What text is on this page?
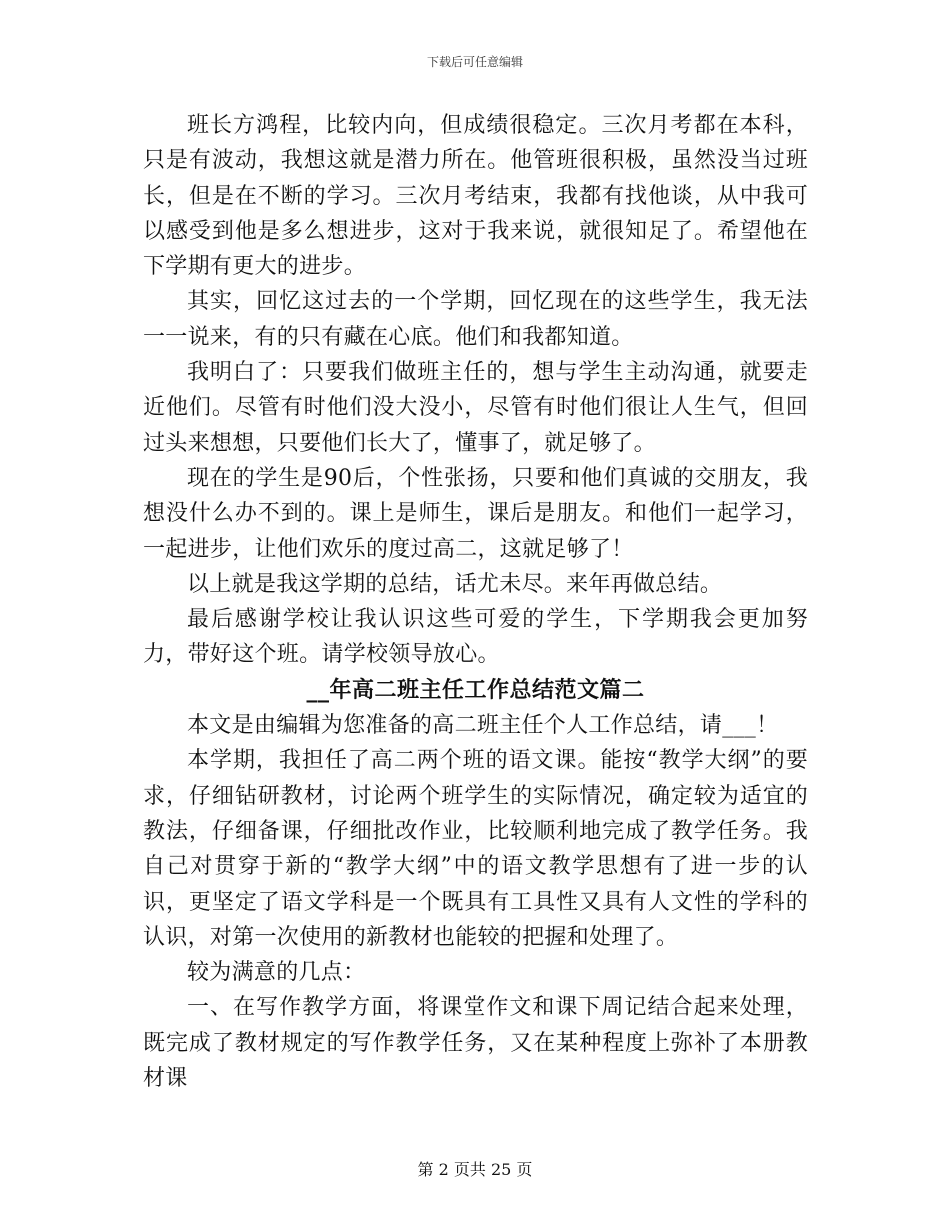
下载后可任意编辑

班长方鸿程，比较内向，但成绩很稳定。三次月考都在本科，只是有波动，我想这就是潜力所在。他管班很积极，虽然没当过班长，但是在不断的学习。三次月考结束，我都有找他谈，从中我可以感受到他是多么想进步，这对于我来说，就很知足了。希望他在下学期有更大的进步。

其实，回忆这过去的一个学期，回忆现在的这些学生，我无法一一说来，有的只有藏在心底。他们和我都知道。

我明白了：只要我们做班主任的，想与学生主动沟通，就要走近他们。尽管有时他们没大没小，尽管有时他们很让人生气，但回过头来想想，只要他们长大了，懂事了，就足够了。

现在的学生是90后，个性张扬，只要和他们真诚的交朋友，我想没什么办不到的。课上是师生，课后是朋友。和他们一起学习，一起进步，让他们欢乐的度过高二，这就足够了！

以上就是我这学期的总结，话尤未尽。来年再做总结。

最后感谢学校让我认识这些可爱的学生，下学期我会更加努力，带好这个班。请学校领导放心。

__年高二班主任工作总结范文篇二

本文是由编辑为您准备的高二班主任个人工作总结，请___！

本学期，我担任了高二两个班的语文课。能按“教学大纲”的要求，仔细钻研教材，讨论两个班学生的实际情况，确定较为适宜的教法，仔细备课，仔细批改作业，比较顺利地完成了教学任务。我自己对贯穿于新的“教学大纲”中的语文教学思想有了进一步的认识，更坚定了语文学科是一个既具有工具性又具有人文性的学科的认识，对第一次使用的新教材也能较的把握和处理了。

较为满意的几点：

一、在写作教学方面，将课堂作文和课下周记结合起来处理，既完成了教材规定的写作教学任务，又在某种程度上弥补了本册教材课

第 2 页共 25 页
